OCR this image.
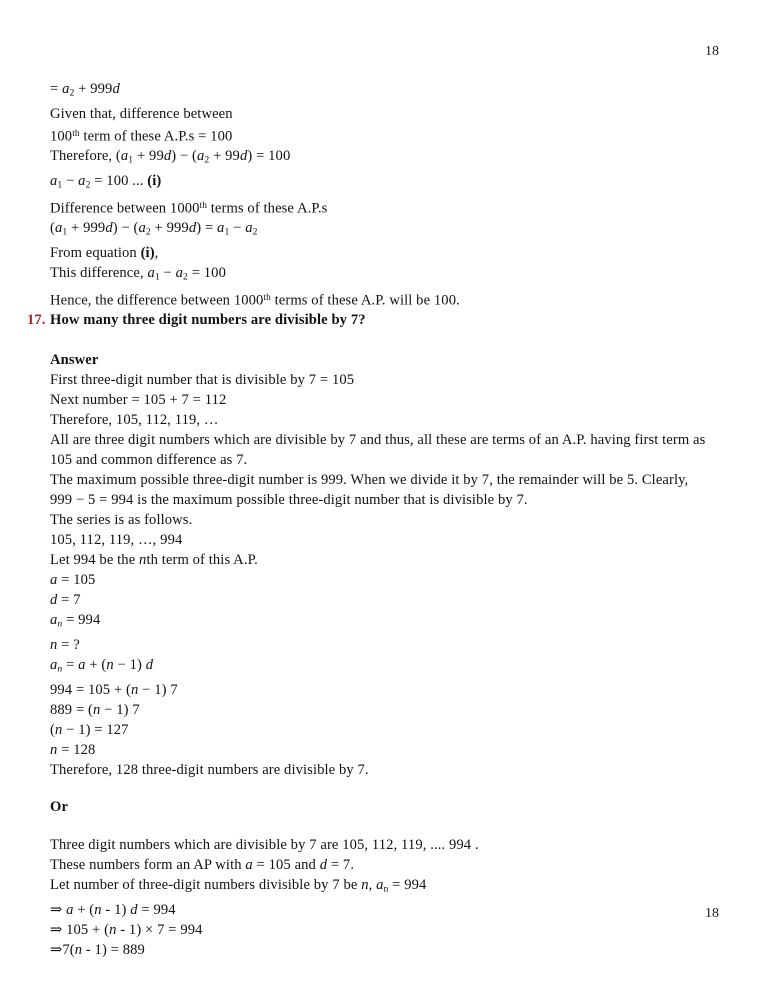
18
= $a_2 + 999d$
Given that, difference between
100th term of these A.P.s = 100
Therefore, $(a_1 + 99d) - (a_2 + 99d) = 100$
$a_1 - a_2 = 100$ ... (i)
Difference between 1000th terms of these A.P.s
$(a_1 + 999d) - (a_2 + 999d) = a_1 - a_2$
From equation (i),
This difference, $a_1 - a_2 = 100$
Hence, the difference between 1000th terms of these A.P. will be 100.
17. How many three digit numbers are divisible by 7?
Answer
First three-digit number that is divisible by 7 = 105
Next number = 105 + 7 = 112
Therefore, 105, 112, 119, …
All are three digit numbers which are divisible by 7 and thus, all these are terms of an A.P. having first term as
105 and common difference as 7.
The maximum possible three-digit number is 999. When we divide it by 7, the remainder will be 5. Clearly,
999 − 5 = 994 is the maximum possible three-digit number that is divisible by 7.
The series is as follows.
105, 112, 119, …, 994
Let 994 be the nth term of this A.P.
a = 105
d = 7
an = 994
n = ?
an = a + (n − 1) d
994 = 105 + (n − 1) 7
889 = (n − 1) 7
(n − 1) = 127
n = 128
Therefore, 128 three-digit numbers are divisible by 7.
Or
Three digit numbers which are divisible by 7 are 105, 112, 119, .... 994 .
These numbers form an AP with a = 105 and d = 7.
Let number of three-digit numbers divisible by 7 be n, $a_n = 994$
⇒ a + (n - 1) d = 994
⇒ 105 + (n - 1) × 7 = 994
⇒7(n - 1) = 889
18
